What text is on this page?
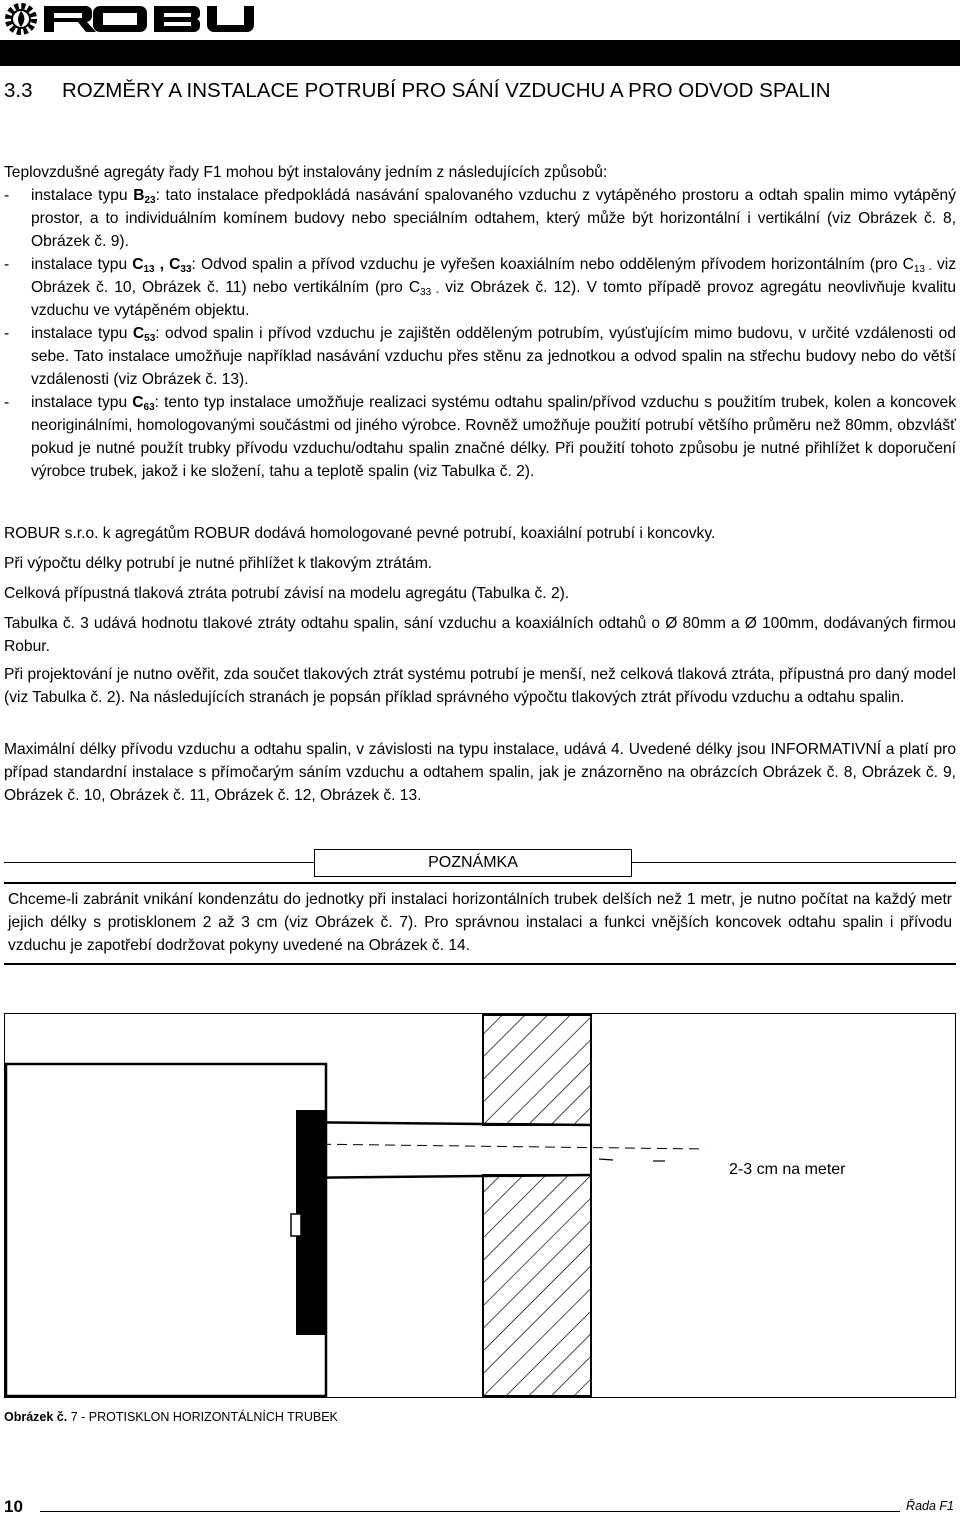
3.3 ROZMĚRY A INSTALACE POTRUBÍ PRO SÁNÍ VZDUCHU A PRO ODVOD SPALIN

Teplovzdušné agregáty řady F1 mohou být instalovány jedním z následujících způsobů:

- instalace typu $B_{23}$: tato instalace předpokládá nasávání spalovaného vzduchu z vytápěného prostoru a odtah spalin mimo vytápěný prostor, a to individuálním komínem budovy nebo speciálním odtahem, který může být horizontální i vertikální (viz Obrázek č. 8, Obrázek č. 9).

- instalace typu $C_{13}$ , $C_{33}$: Odvod spalin a přívod vzduchu je vyřešen koaxiálním nebo odděleným přívodem horizontálním (pro $C_{13 -}$ viz Obrázek č. 10, Obrázek č. 11) nebo vertikálním (pro $C_{33 -}$ viz Obrázek č. 12). V tomto případě provoz agregátu neovlivňuje kvalitu vzduchu ve vytápěném objektu.

- instalace typu $C_{53}$: odvod spalin i přívod vzduchu je zajištěn odděleným potrubím, vyúsťujícím mimo budovu, v určité vzdálenosti od sebe. Tato instalace umožňuje například nasávání vzduchu přes stěnu za jednotkou a odvod spalin na střechu budovy nebo do větší vzdálenosti (viz Obrázek č. 13).

- instalace typu $C_{63}$: tento typ instalace umožňuje realizaci systému odtahu spalin/přívod vzduchu s použitím trubek, kolen a koncovek neoriginálními, homologovanými součástmi od jiného výrobce. Rovněž umožňuje použití potrubí většího průměru než 80mm, obzvlášť pokud je nutné použít trubky přívodu vzduchu/odtahu spalin značné délky. Při použití tohoto způsobu je nutné přihlížet k doporučení výrobce trubek, jakož i ke složení, tahu a teplotě spalin (viz Tabulka č. 2).

ROBUR s.r.o. k agregátům ROBUR dodává homologované pevné potrubí, koaxiální potrubí i koncovky.

Při výpočtu délky potrubí je nutné přihlížet k tlakovým ztrátám.

Celková přípustná tlaková ztráta potrubí závisí na modelu agregátu (Tabulka č. 2).

Tabulka č. 3 udává hodnotu tlakové ztráty odtahu spalin, sání vzduchu a koaxiálních odtahů o Ø 80mm a Ø 100mm, dodávaných firmou Robur.

Při projektování je nutno ověřit, zda součet tlakových ztrát systému potrubí je menší, než celková tlaková ztráta, přípustná pro daný model (viz Tabulka č. 2). Na následujících stranách je popsán příklad správného výpočtu tlakových ztrát přívodu vzduchu a odtahu spalin.

Maximální délky přívodu vzduchu a odtahu spalin, v závislosti na typu instalace, udává 4. Uvedené délky jsou INFORMATIVNÍ a platí pro případ standardní instalace s přímočarým sáním vzduchu a odtahem spalin, jak je znázorněno na obrázcích Obrázek č. 8, Obrázek č. 9, Obrázek č. 10, Obrázek č. 11, Obrázek č. 12, Obrázek č. 13.

POZNÁMKA
Chceme-li zabránit vnikání kondenzátu do jednotky při instalaci horizontálních trubek delších než 1 metr, je nutno počítat na každý metr jejich délky s protisklonem 2 až 3 cm (viz Obrázek č. 7). Pro správnou instalaci a funkci vnějších koncovek odtahu spalin i přívodu vzduchu je zapotřebí dodržovat pokyny uvedené na Obrázek č. 14.
2-3 cm na meter
Obrázek č. 7 - PROTISKLON HORIZONTÁLNÍCH TRUBEK
10	Řada F1
